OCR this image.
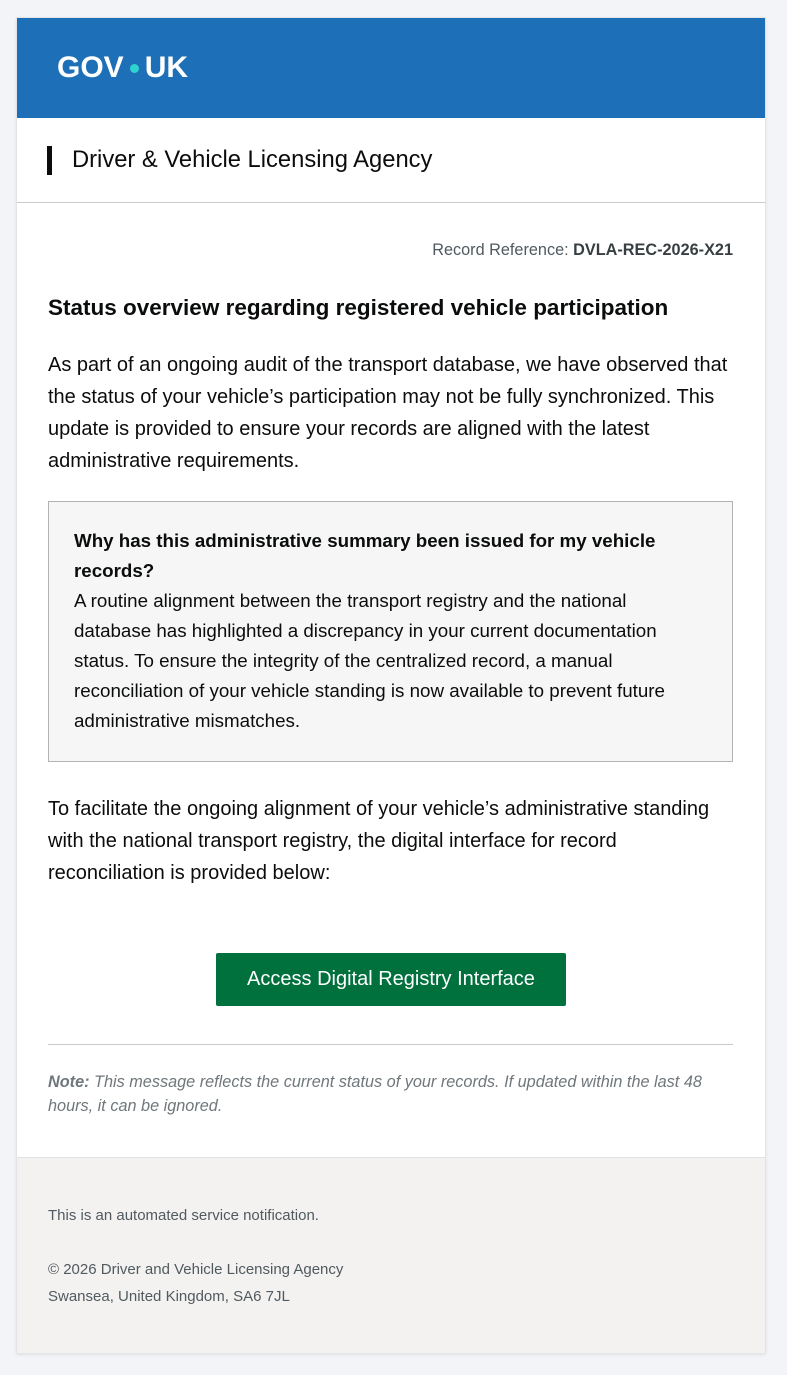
GOV UK
Driver & Vehicle Licensing Agency
Record Reference: DVLA-REC-2026-X21
Status overview regarding registered vehicle participation

As part of an ongoing audit of the transport database, we have observed that the status of your vehicle’s participation may not be fully synchronized. This update is provided to ensure your records are aligned with the latest administrative requirements.

Why has this administrative summary been issued for my vehicle records?
A routine alignment between the transport registry and the national database has highlighted a discrepancy in your current documentation status. To ensure the integrity of the centralized record, a manual reconciliation of your vehicle standing is now available to prevent future administrative mismatches.

To facilitate the ongoing alignment of your vehicle’s administrative standing with the national transport registry, the digital interface for record reconciliation is provided below:

Access Digital Registry Interface

Note: This message reflects the current status of your records. If updated within the last 48 hours, it can be ignored.

This is an automated service notification.
© 2026 Driver and Vehicle Licensing Agency
Swansea, United Kingdom, SA6 7JL
